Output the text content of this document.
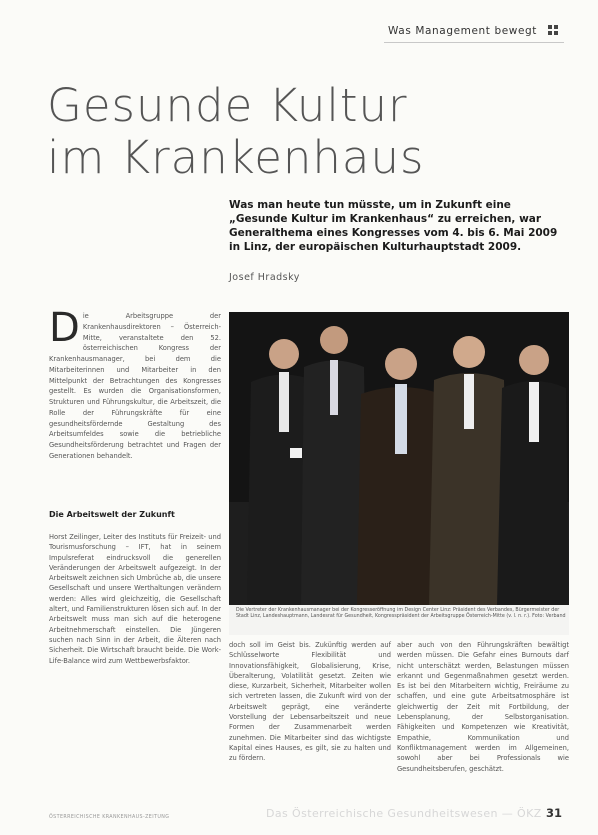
Was Management bewegt
Gesunde Kultur
im Krankenhaus
Was man heute tun müsste, um in Zukunft eine „Gesunde Kultur im Krankenhaus“ zu erreichen, war Generalthema eines Kongresses vom 4. bis 6. Mai 2009 in Linz, der europäischen Kulturhauptstadt 2009.
Josef Hradsky
D ie Arbeitsgruppe der Krankenhausdirektoren – Österreich-Mitte, veranstaltete den 52. österreichischen Kongress der Krankenhausmanager, bei dem die Mitarbeiterinnen und Mitarbeiter in den Mittelpunkt der Betrachtungen des Kongresses gestellt. Es wurden die Organisationsformen, Strukturen und Führungskultur, die Arbeitszeit, die Rolle der Führungskräfte für eine gesundheitsfördernde Gestaltung des Arbeitsumfeldes sowie die betriebliche Gesundheitsförderung betrachtet und Fragen der Generationen behandelt.
Die Arbeitswelt der Zukunft
Horst Zeilinger, Leiter des Instituts für Freizeit- und Tourismusforschung – IFT, hat in seinem Impulsreferat eindrucksvoll die generellen Veränderungen der Arbeitswelt aufgezeigt. In der Arbeitswelt zeichnen sich Umbrüche ab, die unsere Gesellschaft und unsere Werthaltungen verändern werden: Alles wird gleichzeitig, die Gesellschaft altert, und Familienstrukturen lösen sich auf. In der Arbeitswelt muss man sich auf die heterogene Arbeitnehmerschaft einstellen. Die Jüngeren suchen nach Sinn in der Arbeit, die Älteren nach Sicherheit. Die Wirtschaft braucht beide. Die Work-Life-Balance wird zum Wettbewerbsfaktor.
Die Vertreter der Krankenhausmanager bei der Kongresseröffnung im Design Center Linz: Präsident des Verbandes, Bürgermeister der Stadt Linz, Landeshauptmann, Landesrat für Gesundheit, Kongresspräsident der Arbeitsgruppe Österreich-Mitte (v. l. n. r.). Foto: Verband
doch soll im Geist bis. Zukünftig werden auf Schlüsselworte Flexibilität und Innovationsfähigkeit, Globalisierung, Krise, Überalterung, Volatilität gesetzt. Zeiten wie diese, Kurzarbeit, Sicherheit, Mitarbeiter wollen sich vertreten lassen, die Zukunft wird von der Arbeitswelt geprägt, eine veränderte Vorstellung der Lebensarbeitszeit und neue Formen der Zusammenarbeit werden zunehmen. Die Mitarbeiter sind das wichtigste Kapital eines Hauses, es gilt, sie zu halten und zu fördern.
aber auch von den Führungskräften bewältigt werden müssen. Die Gefahr eines Burnouts darf nicht unterschätzt werden, Belastungen müssen erkannt und Gegenmaßnahmen gesetzt werden. Es ist bei den Mitarbeitern wichtig, Freiräume zu schaffen, und eine gute Arbeitsatmosphäre ist gleichwertig der Zeit mit Fortbildung, der Lebensplanung, der Selbstorganisation. Fähigkeiten und Kompetenzen wie Kreativität, Empathie, Kommunikation und Konfliktmanagement werden im Allgemeinen, sowohl aber bei Professionals wie Gesundheitsberufen, geschätzt.
ÖSTERREICHISCHE KRANKENHAUS-ZEITUNG	Das Österreichische Gesundheitswesen — ÖKZ 31
